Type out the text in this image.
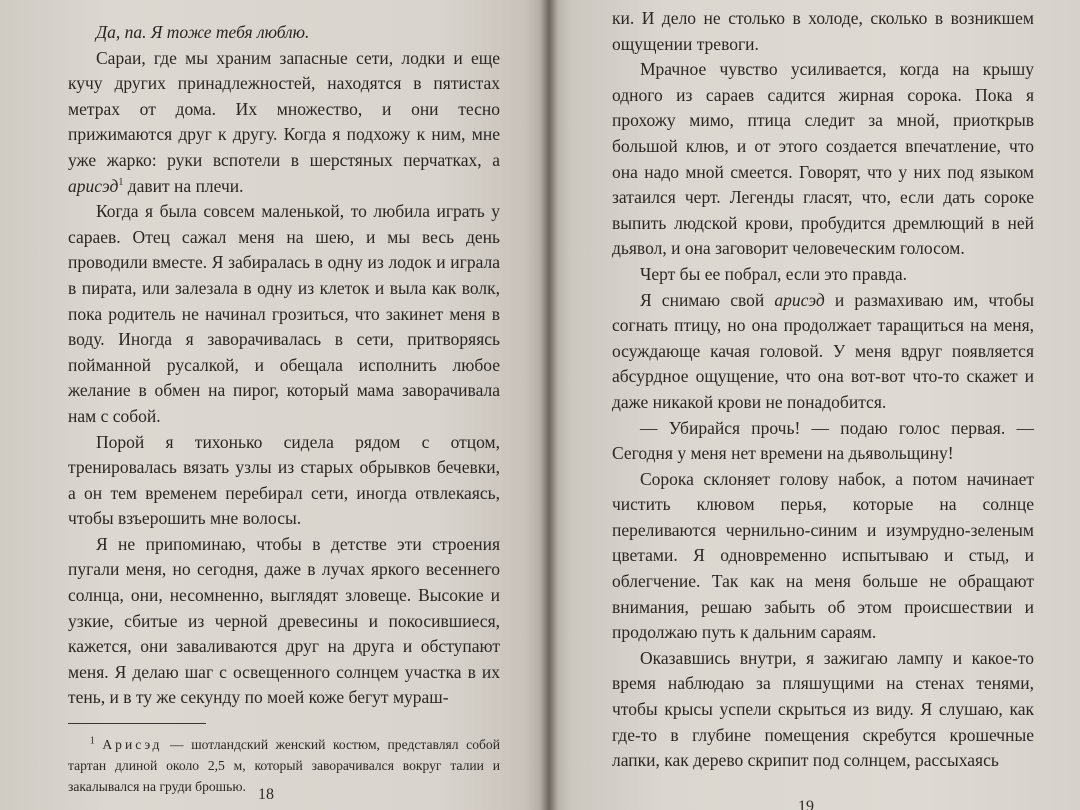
Да, па. Я тоже тебя люблю.

Сараи, где мы храним запасные сети, лодки и еще кучу других принадлежностей, находятся в пятистах метрах от дома. Их множество, и они тесно прижимаются друг к другу. Когда я подхожу к ним, мне уже жарко: руки вспотели в шерстяных перчатках, а арисэд$^1$ давит на плечи.

Когда я была совсем маленькой, то любила играть у сараев. Отец сажал меня на шею, и мы весь день проводили вместе. Я забиралась в одну из лодок и играла в пирата, или залезала в одну из клеток и выла как волк, пока родитель не начинал грозиться, что закинет меня в воду. Иногда я заворачивалась в сети, притворяясь пойманной русалкой, и обещала исполнить любое желание в обмен на пирог, который мама заворачивала нам с собой.

Порой я тихонько сидела рядом с отцом, тренировалась вязать узлы из старых обрывков бечевки, а он тем временем перебирал сети, иногда отвлекаясь, чтобы взъерошить мне волосы.

Я не припоминаю, чтобы в детстве эти строения пугали меня, но сегодня, даже в лучах яркого весеннего солнца, они, несомненно, выглядят зловеще. Высокие и узкие, сбитые из черной древесины и покосившиеся, кажется, они заваливаются друг на друга и обступают меня. Я делаю шаг с освещенного солнцем участка в их тень, и в ту же секунду по моей коже бегут мураш-

$^1$ Арисэд — шотландский женский костюм, представлял собой тартан длиной около 2,5 м, который заворачивался вокруг талии и закалывался на груди брошью. 18

ки. И дело не столько в холоде, сколько в возникшем ощущении тревоги.

Мрачное чувство усиливается, когда на крышу одного из сараев садится жирная сорока. Пока я прохожу мимо, птица следит за мной, приоткрыв большой клюв, и от этого создается впечатление, что она надо мной смеется. Говорят, что у них под языком затаился черт. Легенды гласят, что, если дать сороке выпить людской крови, пробудится дремлющий в ней дьявол, и она заговорит человеческим голосом.

Черт бы ее побрал, если это правда.

Я снимаю свой арисэд и размахиваю им, чтобы согнать птицу, но она продолжает таращиться на меня, осуждающе качая головой. У меня вдруг появляется абсурдное ощущение, что она вот-вот что-то скажет и даже никакой крови не понадобится.

— Убирайся прочь! — подаю голос первая. — Сегодня у меня нет времени на дьявольщину!

Сорока склоняет голову набок, а потом начинает чистить клювом перья, которые на солнце переливаются чернильно-синим и изумрудно-зеленым цветами. Я одновременно испытываю и стыд, и облегчение. Так как на меня больше не обращают внимания, решаю забыть об этом происшествии и продолжаю путь к дальним сараям.

Оказавшись внутри, я зажигаю лампу и какое-то время наблюдаю за пляшущими на стенах тенями, чтобы крысы успели скрыться из виду. Я слушаю, как где-то в глубине помещения скребутся крошечные лапки, как дерево скрипит под солнцем, рассыхаясь

19
